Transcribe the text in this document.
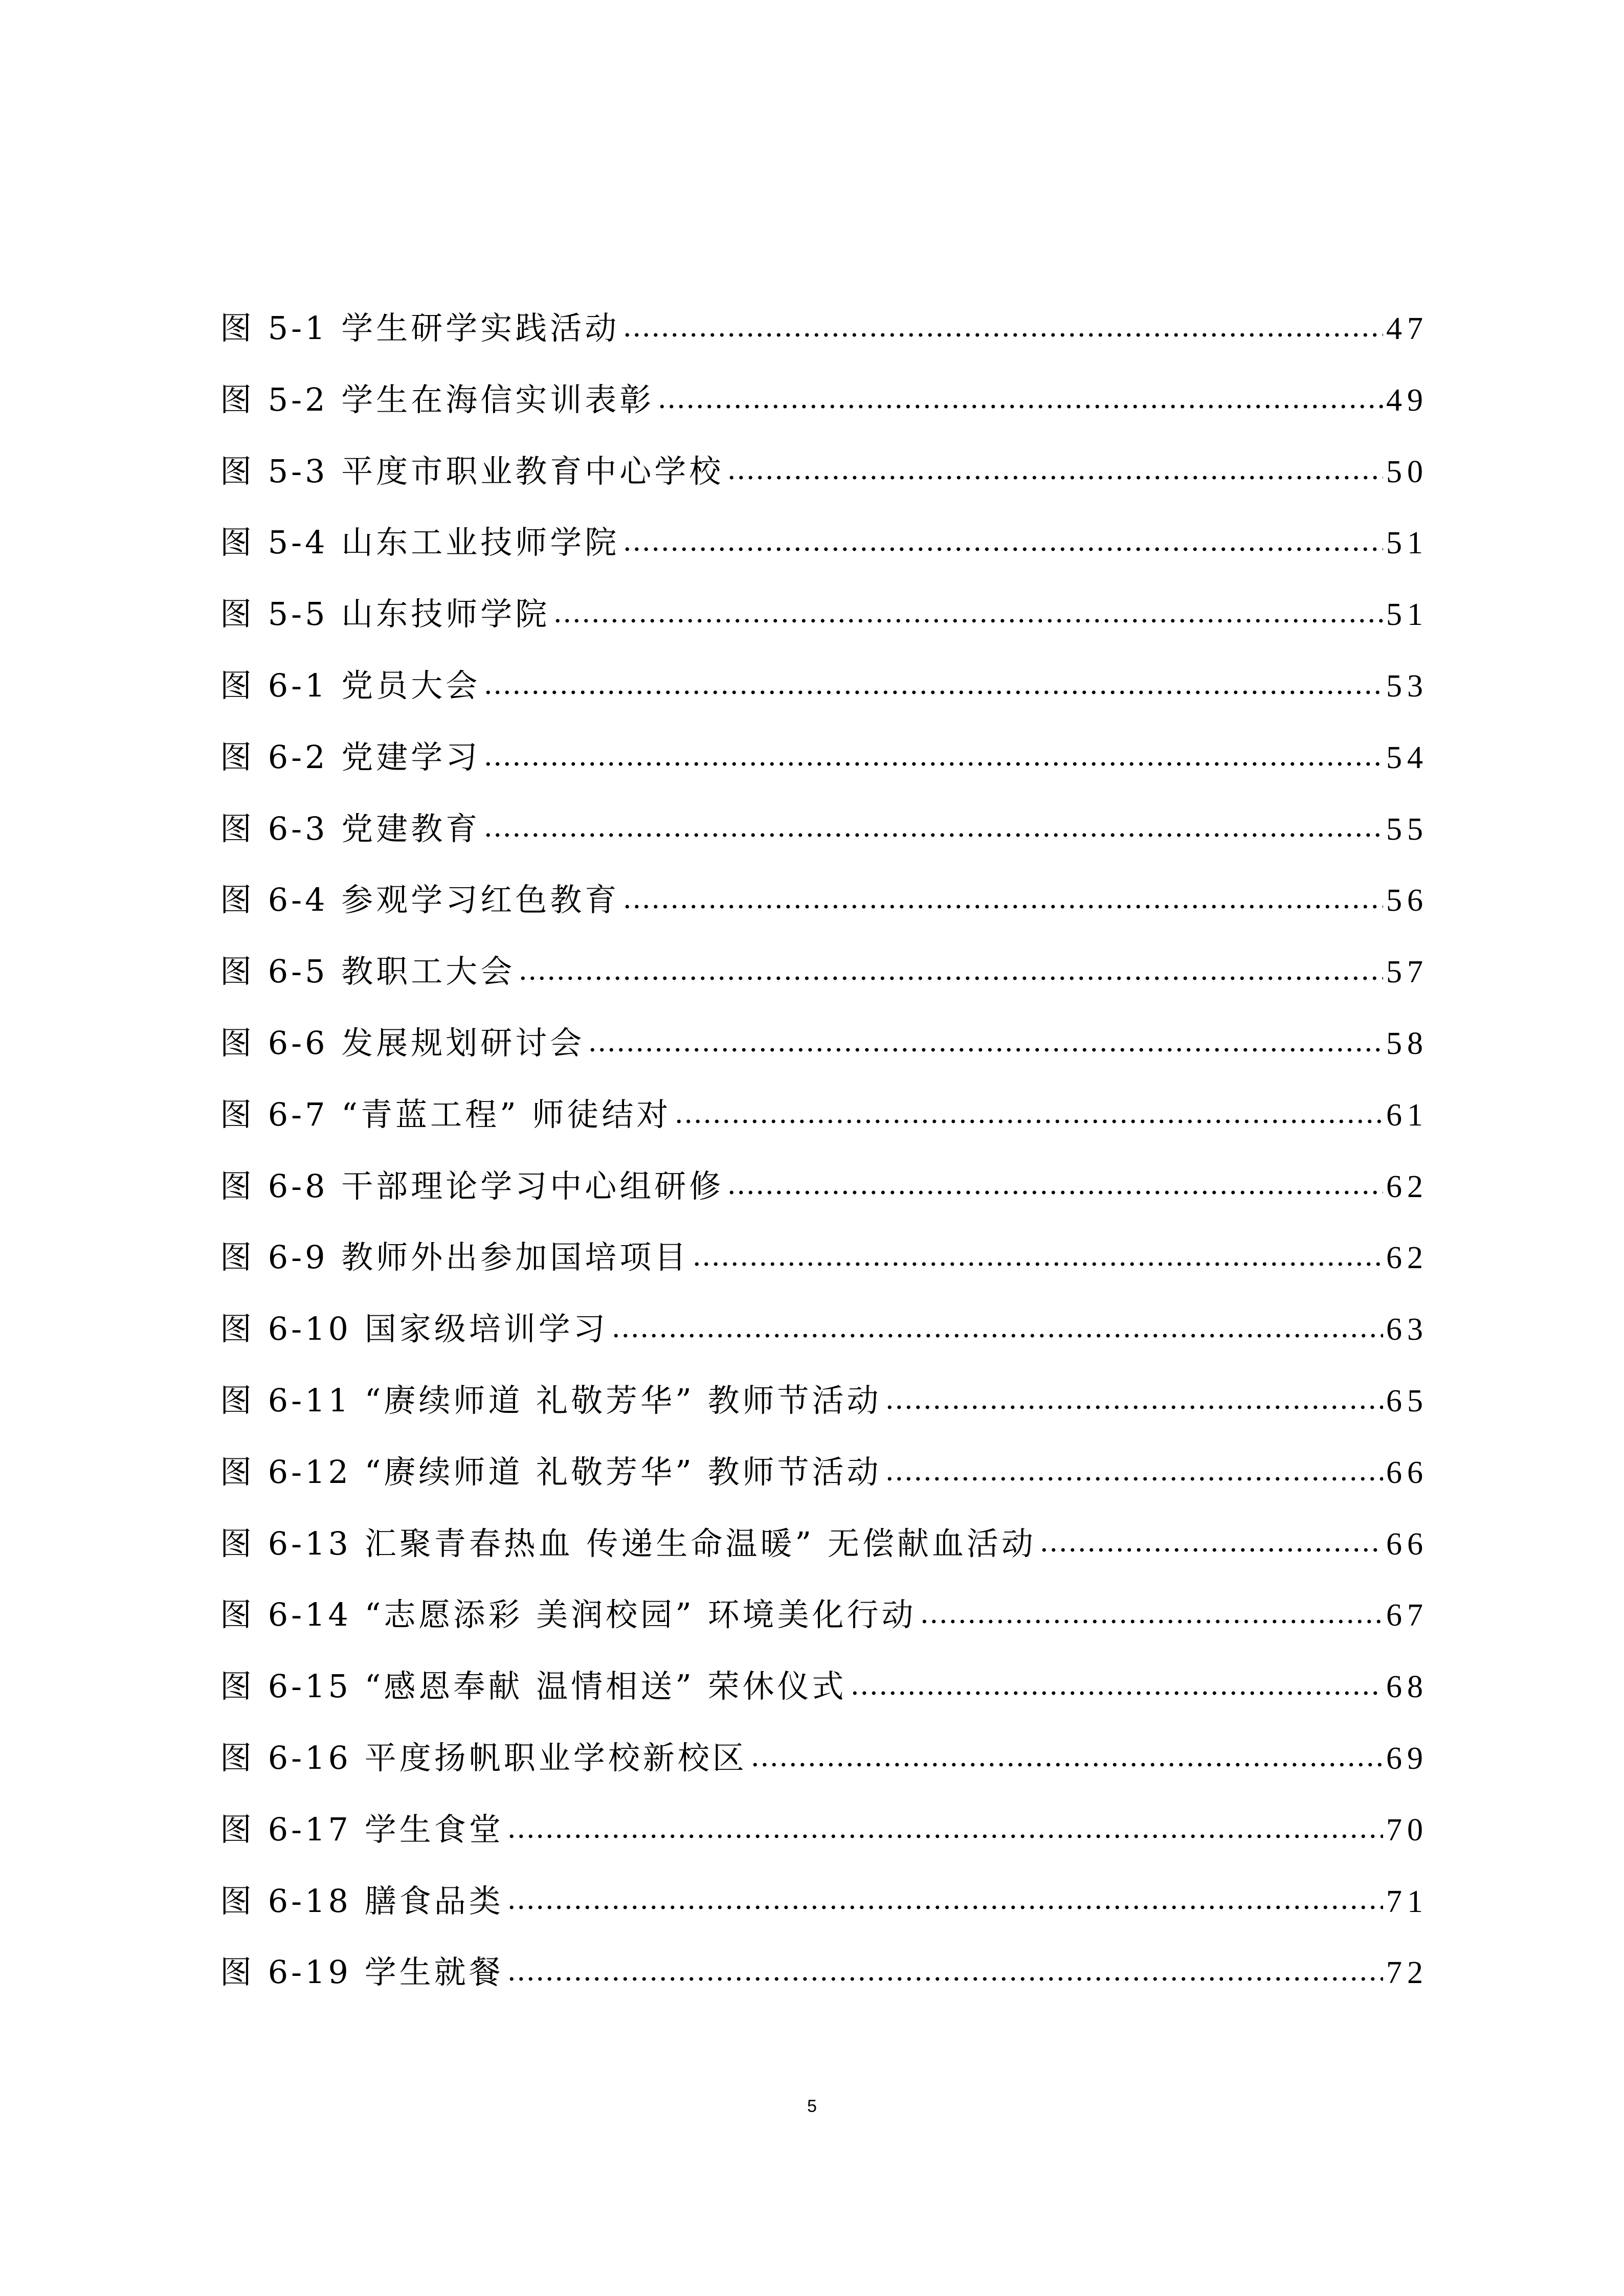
图 5-1 学生研学实践活动	47
图 5-2 学生在海信实训表彰	49
图 5-3 平度市职业教育中心学校	50
图 5-4 山东工业技师学院	51
图 5-5 山东技师学院	51
图 6-1 党员大会	53
图 6-2 党建学习	54
图 6-3 党建教育	55
图 6-4 参观学习红色教育	56
图 6-5 教职工大会	57
图 6-6 发展规划研讨会	58
图 6-7 “青蓝工程” 师徒结对	61
图 6-8 干部理论学习中心组研修	62
图 6-9 教师外出参加国培项目	62
图 6-10 国家级培训学习	63
图 6-11 “赓续师道 礼敬芳华” 教师节活动	65
图 6-12 “赓续师道 礼敬芳华” 教师节活动	66
图 6-13 汇聚青春热血 传递生命温暖” 无偿献血活动	66
图 6-14 “志愿添彩 美润校园” 环境美化行动	67
图 6-15 “感恩奉献 温情相送” 荣休仪式	68
图 6-16 平度扬帆职业学校新校区	69
图 6-17 学生食堂	70
图 6-18 膳食品类	71
图 6-19 学生就餐	72
5
